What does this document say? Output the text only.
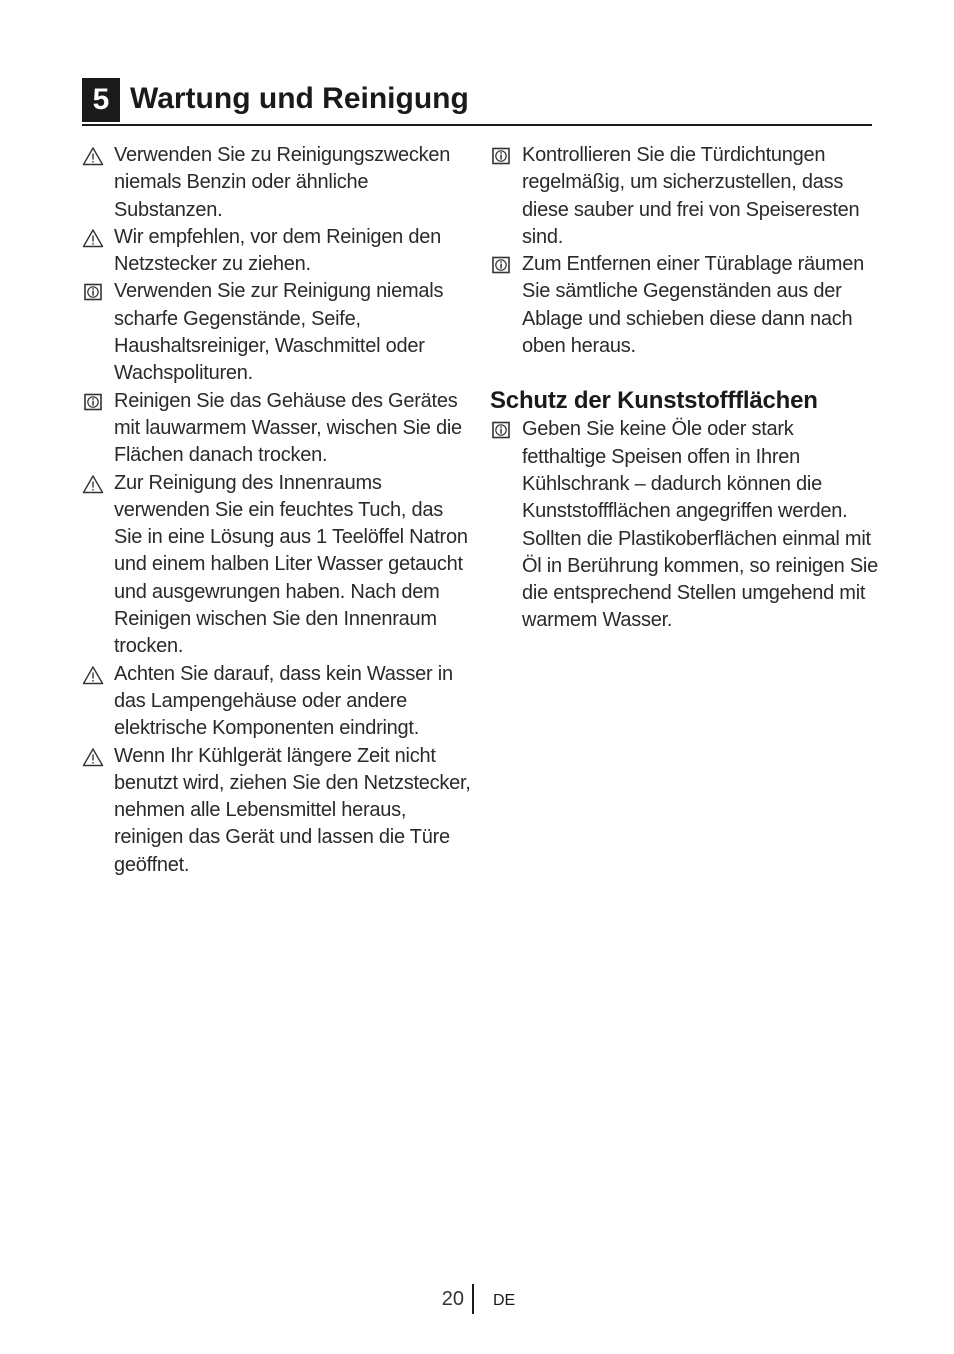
5 Wartung und Reinigung
Verwenden Sie zu Reinigungszwecken niemals Benzin oder ähnliche Substanzen.
Wir empfehlen, vor dem Reinigen den Netzstecker zu ziehen.
Verwenden Sie zur Reinigung niemals scharfe Gegenstände, Seife, Haushaltsreiniger, Waschmittel oder Wachspolituren.
Reinigen Sie das Gehäuse des Gerätes mit lauwarmem Wasser, wischen Sie die Flächen danach trocken.
Zur Reinigung des Innenraums verwenden Sie ein feuchtes Tuch, das Sie in eine Lösung aus 1 Teelöffel Natron und einem halben Liter Wasser getaucht und ausgewrungen haben. Nach dem Reinigen wischen Sie den Innenraum trocken.
Achten Sie darauf, dass kein Wasser in das Lampengehäuse oder andere elektrische Komponenten eindringt.
Wenn Ihr Kühlgerät längere Zeit nicht benutzt wird, ziehen Sie den Netzstecker, nehmen alle Lebensmittel heraus, reinigen das Gerät und lassen die Türe geöffnet.
Kontrollieren Sie die Türdichtungen regelmäßig, um sicherzustellen, dass diese sauber und frei von Speiseresten sind.
Zum Entfernen einer Türablage räumen Sie sämtliche Gegenständen aus der Ablage und schieben diese dann nach oben heraus.
Schutz der Kunststoffflächen
Geben Sie keine Öle oder stark fetthaltige Speisen offen in Ihren Kühlschrank – dadurch können die Kunststoffflächen angegriffen werden. Sollten die Plastikoberflächen einmal mit Öl in Berührung kommen, so reinigen Sie die entsprechend Stellen umgehend mit warmem Wasser.
20 DE
